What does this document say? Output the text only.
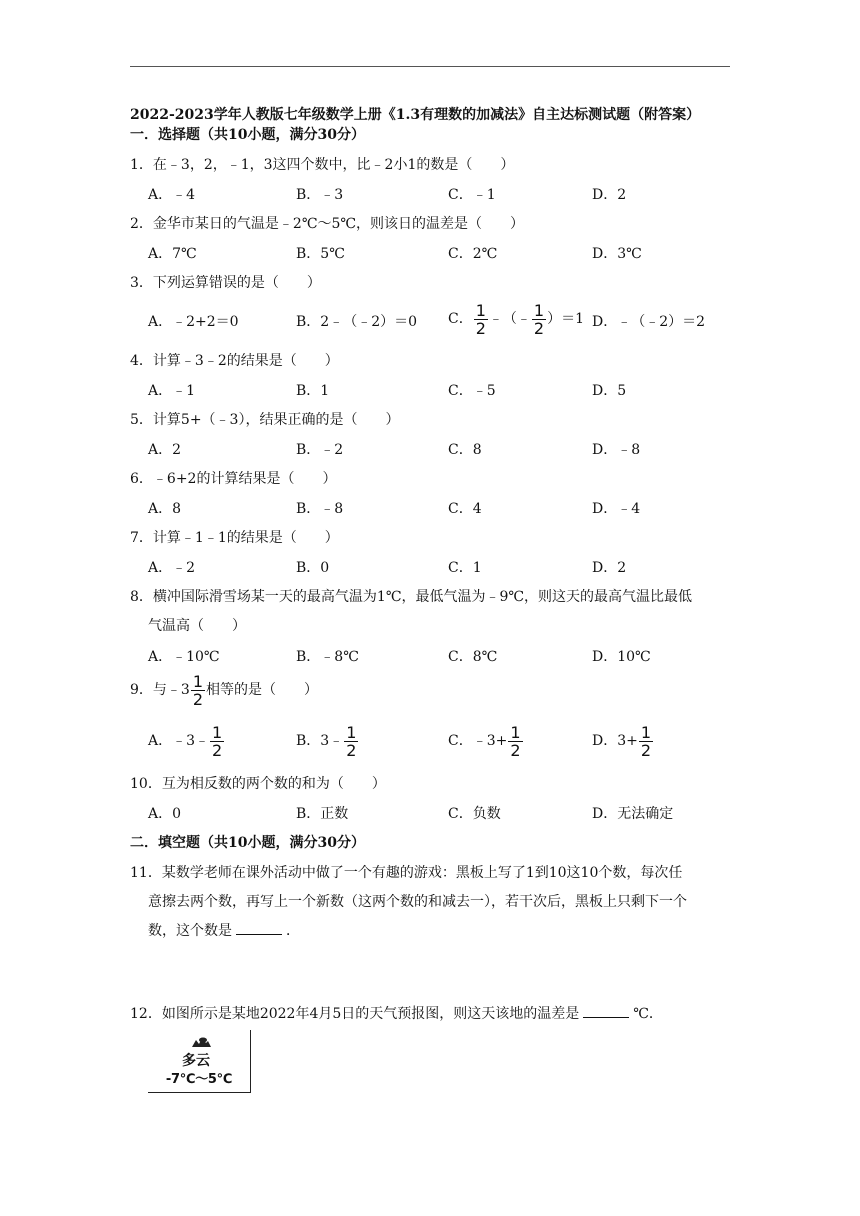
2022-2023学年人教版七年级数学上册《1.3有理数的加减法》自主达标测试题（附答案）
一．选择题（共10小题，满分30分）
1．在﹣3，2，﹣1，3这四个数中，比﹣2小1的数是（　　）
A．﹣4	B．﹣3	C．﹣1	D．2
2．金华市某日的气温是﹣2℃～5℃，则该日的温差是（　　）
A．7℃	B．5℃	C．2℃	D．3℃
3．下列运算错误的是（　　）
A．﹣2+2＝0	B．2﹣（﹣2）＝0 C． $\frac{1}{2}$ ﹣（﹣ $\frac{1}{2} )=1$ D．﹣（﹣2）＝2
4．计算﹣3﹣2的结果是（　　）
A．﹣1	B．1	C．﹣5	D．5
5．计算5+（﹣3），结果正确的是（　　）
A．2	B．﹣2	C．8	D．﹣8
6．﹣6+2的计算结果是（　　）
A．8	B．﹣8	C．4	D．﹣4
7．计算﹣1﹣1的结果是（　　）
A．﹣2	B．0	C．1	D．2
8．横冲国际滑雪场某一天的最高气温为1℃，最低气温为﹣9℃，则这天的最高气温比最低
气温高（　　）
A．﹣10℃	B．﹣8℃	C．8℃	D．10℃
9．与﹣3 $\frac{1}{2}$ 相等的是（　　）
A．﹣3﹣ $\frac{1}{2}$	B．3﹣ $\frac{1}{2}$	C．﹣3+ $\frac{1}{2}$	D．$3+ \frac{1}{2}$
10．互为相反数的两个数的和为（　　）
A．0	B．正数	C．负数	D．无法确定
二．填空题（共10小题，满分30分）
11．某数学老师在课外活动中做了一个有趣的游戏：黑板上写了1到10这10个数，每次任
意擦去两个数，再写上一个新数（这两个数的和减去一），若干次后，黑板上只剩下一个
数，这个数是	．
12．如图所示是某地2022年4月5日的天气预报图，则这天该地的温差是	℃．
多云
-7℃～5℃
